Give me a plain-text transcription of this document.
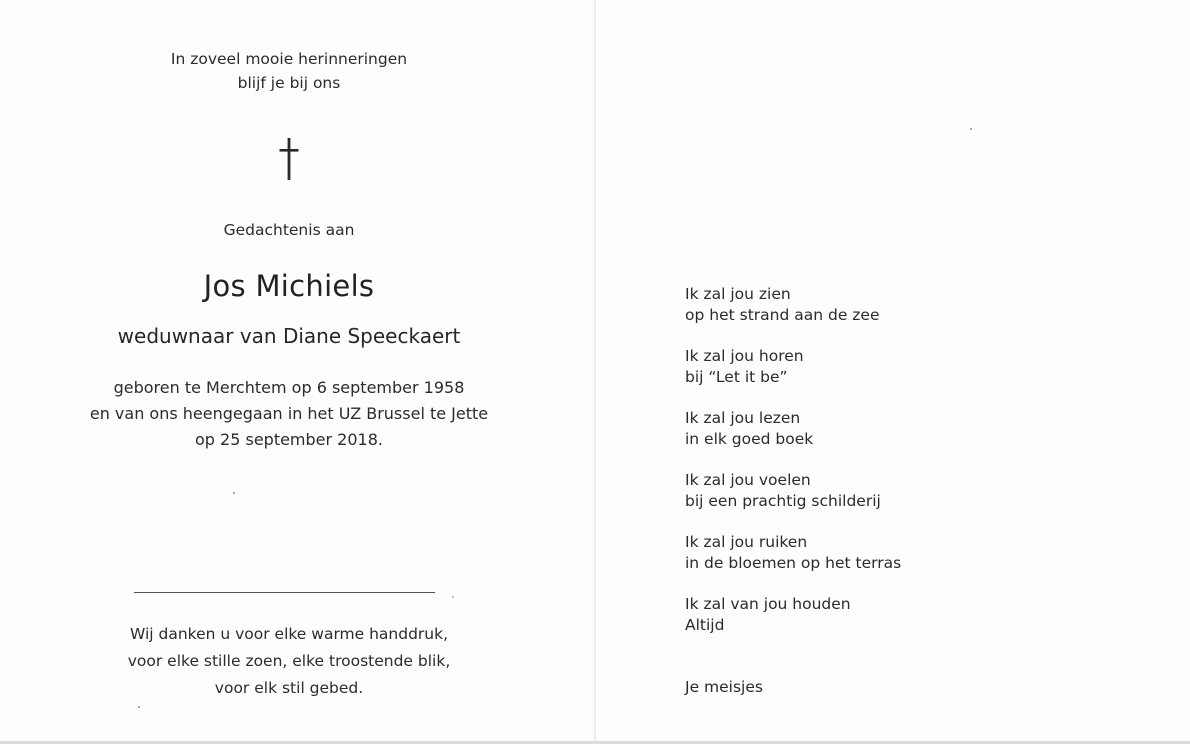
In zoveel mooie herinneringen
blijf je bij ons
Gedachtenis aan
Jos Michiels
weduwnaar van Diane Speeckaert
geboren te Merchtem op 6 september 1958
en van ons heengegaan in het UZ Brussel te Jette
op 25 september 2018.
Wij danken u voor elke warme handdruk,
voor elke stille zoen, elke troostende blik,
voor elk stil gebed.
Ik zal jou zien
op het strand aan de zee
Ik zal jou horen
bij “Let it be”
Ik zal jou lezen
in elk goed boek
Ik zal jou voelen
bij een prachtig schilderij
Ik zal jou ruiken
in de bloemen op het terras
Ik zal van jou houden
Altijd
Je meisjes
